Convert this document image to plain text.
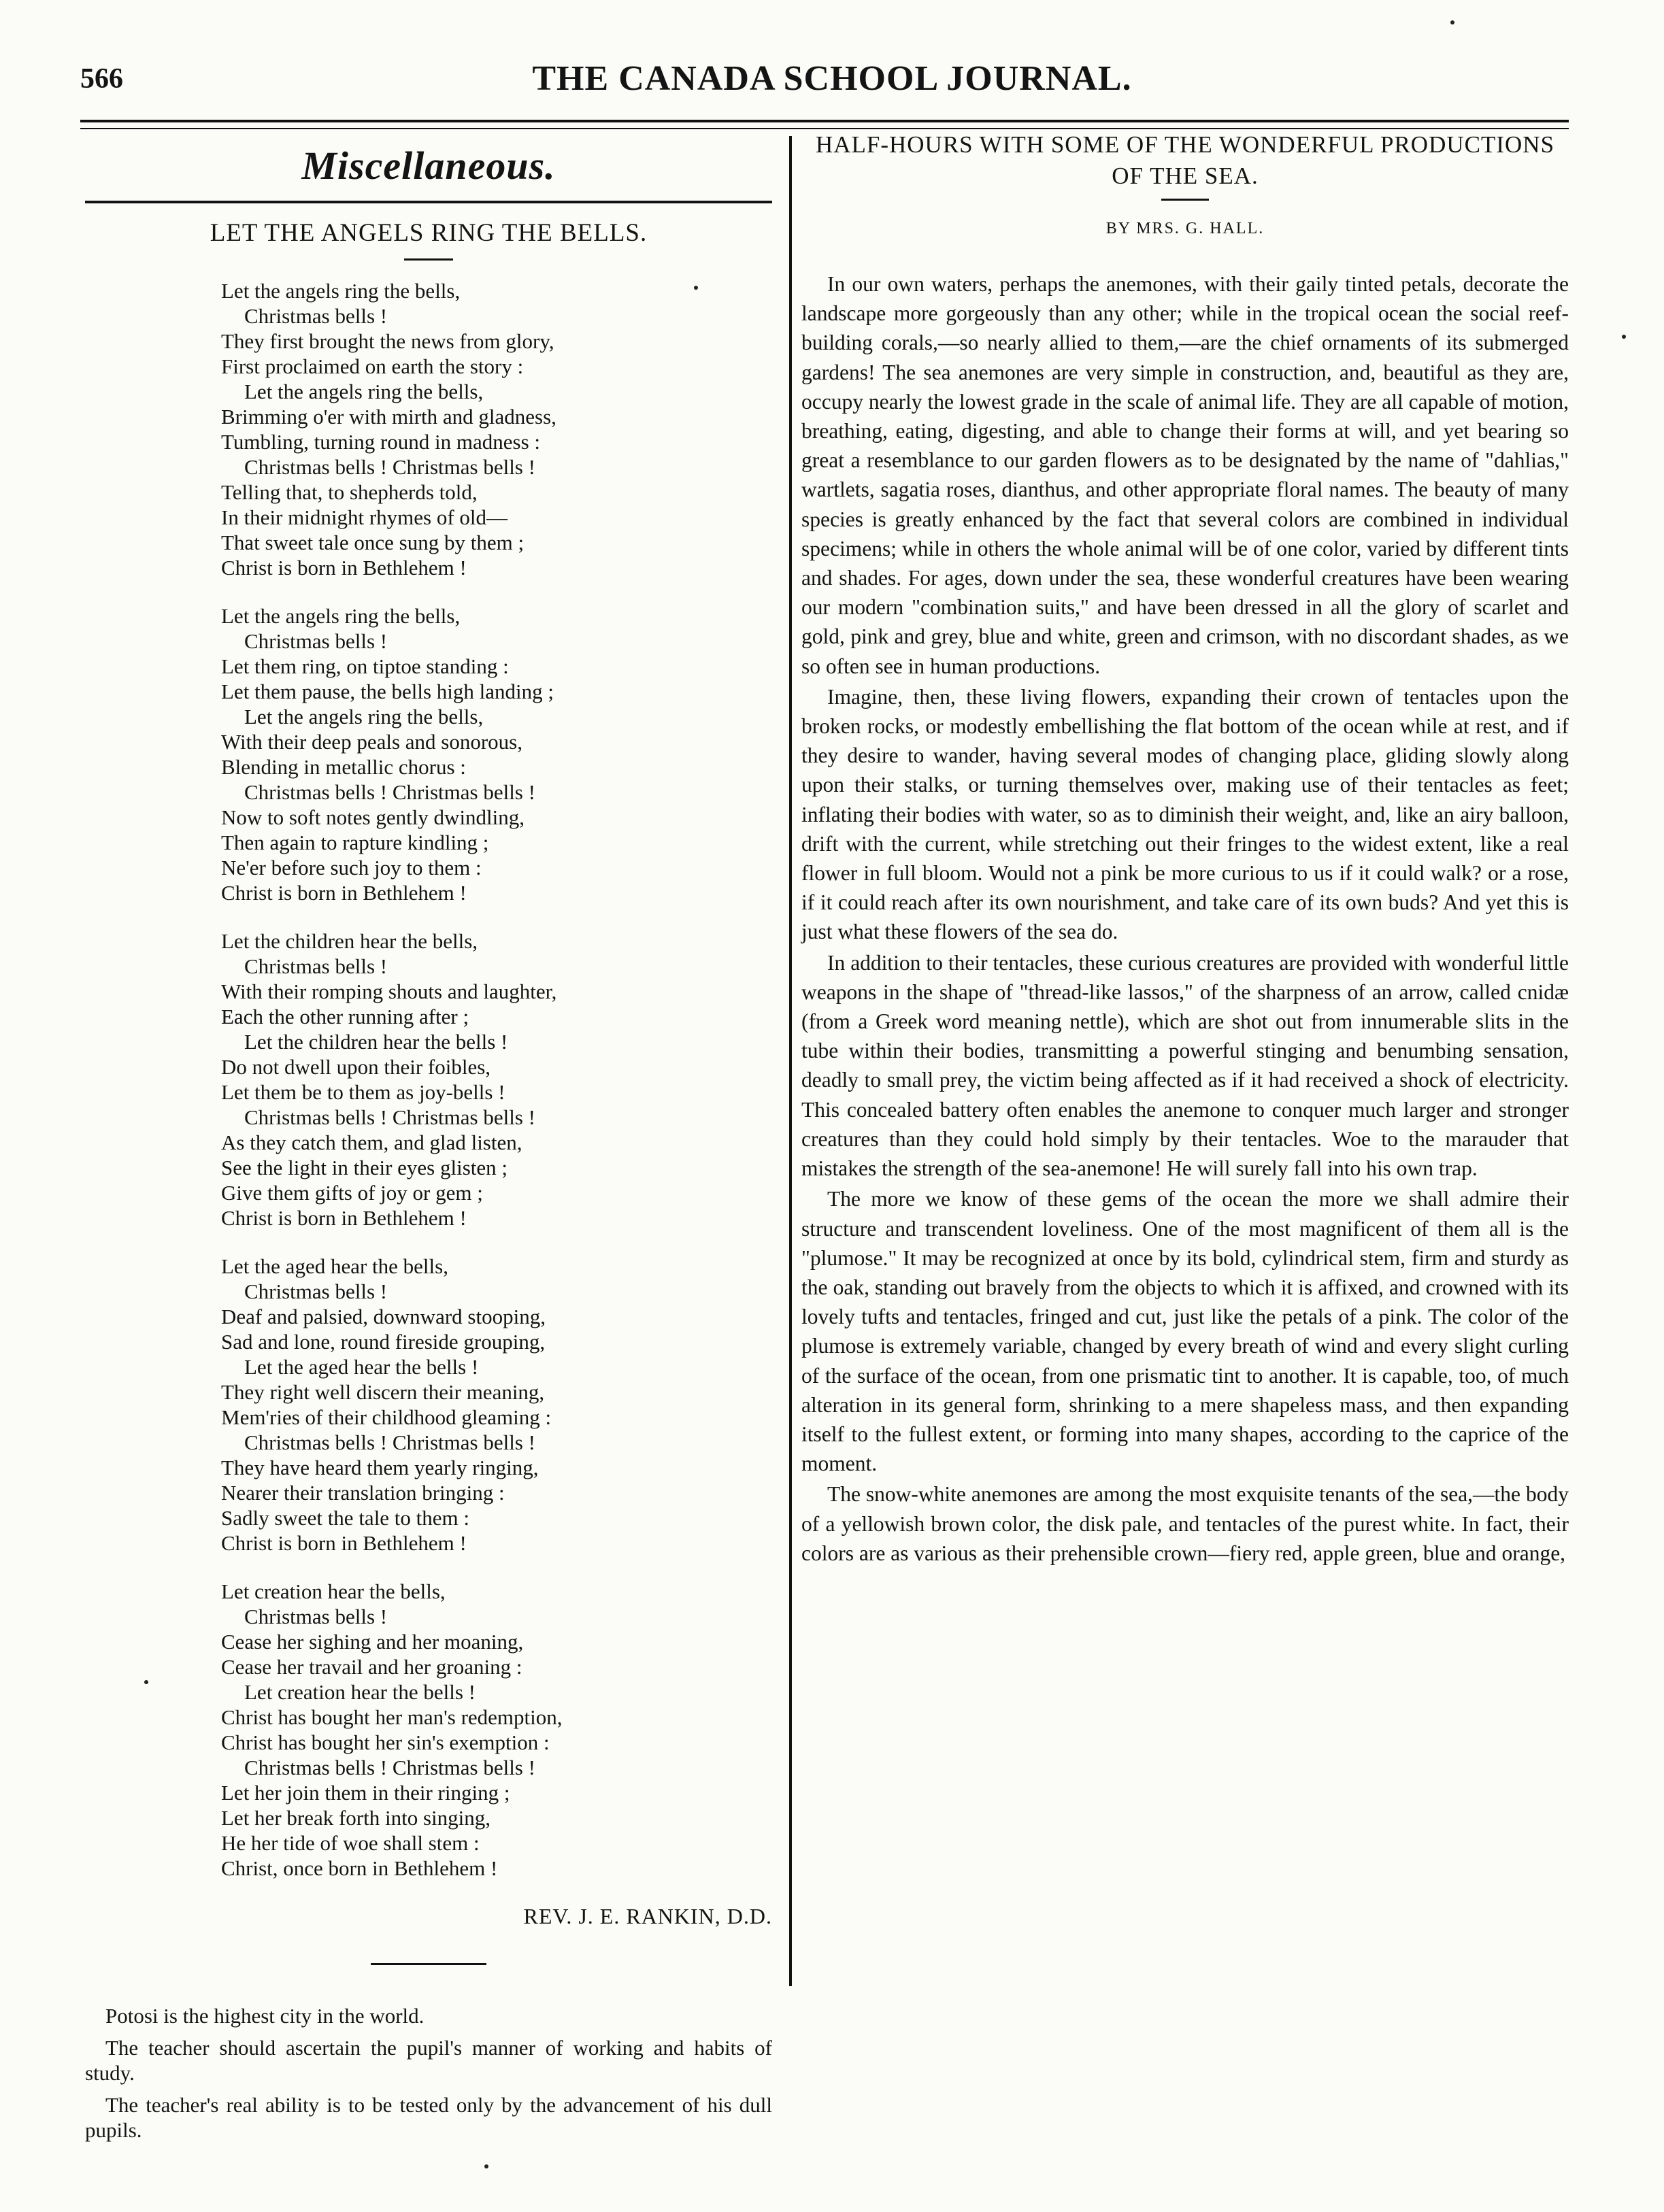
566	THE CANADA SCHOOL JOURNAL.
Miscellaneous.
LET THE ANGELS RING THE BELLS.
Let the angels ring the bells,
Christmas bells !
They first brought the news from glory,
First proclaimed on earth the story :
Let the angels ring the bells,
Brimming o'er with mirth and gladness,
Tumbling, turning round in madness :
Christmas bells ! Christmas bells !
Telling that, to shepherds told,
In their midnight rhymes of old—
That sweet tale once sung by them ;
Christ is born in Bethlehem !
Let the angels ring the bells,
Christmas bells !
Let them ring, on tiptoe standing :
Let them pause, the bells high landing ;
Let the angels ring the bells,
With their deep peals and sonorous,
Blending in metallic chorus :
Christmas bells ! Christmas bells !
Now to soft notes gently dwindling,
Then again to rapture kindling ;
Ne'er before such joy to them :
Christ is born in Bethlehem !
Let the children hear the bells,
Christmas bells !
With their romping shouts and laughter,
Each the other running after ;
Let the children hear the bells !
Do not dwell upon their foibles,
Let them be to them as joy-bells !
Christmas bells ! Christmas bells !
As they catch them, and glad listen,
See the light in their eyes glisten ;
Give them gifts of joy or gem ;
Christ is born in Bethlehem !
Let the aged hear the bells,
Christmas bells !
Deaf and palsied, downward stooping,
Sad and lone, round fireside grouping,
Let the aged hear the bells !
They right well discern their meaning,
Mem'ries of their childhood gleaming :
Christmas bells ! Christmas bells !
They have heard them yearly ringing,
Nearer their translation bringing :
Sadly sweet the tale to them :
Christ is born in Bethlehem !
Let creation hear the bells,
Christmas bells !
Cease her sighing and her moaning,
Cease her travail and her groaning :
Let creation hear the bells !
Christ has bought her man's redemption,
Christ has bought her sin's exemption :
Christmas bells ! Christmas bells !
Let her join them in their ringing ;
Let her break forth into singing,
He her tide of woe shall stem :
Christ, once born in Bethlehem !
REV. J. E. RANKIN, D.D.

Potosi is the highest city in the world.

The teacher should ascertain the pupil's manner of working and habits of study.

The teacher's real ability is to be tested only by the advancement of his dull pupils.

HALF-HOURS WITH SOME OF THE WONDERFUL PRODUCTIONS OF THE SEA.
BY MRS. G. HALL.

In our own waters, perhaps the anemones, with their gaily tinted petals, decorate the landscape more gorgeously than any other; while in the tropical ocean the social reef-building corals,—so nearly allied to them,—are the chief ornaments of its submerged gardens! The sea anemones are very simple in construction, and, beautiful as they are, occupy nearly the lowest grade in the scale of animal life. They are all capable of motion, breathing, eating, digesting, and able to change their forms at will, and yet bearing so great a resemblance to our garden flowers as to be designated by the name of "dahlias," wartlets, sagatia roses, dianthus, and other appropriate floral names. The beauty of many species is greatly enhanced by the fact that several colors are combined in individual specimens; while in others the whole animal will be of one color, varied by different tints and shades. For ages, down under the sea, these wonderful creatures have been wearing our modern "combination suits," and have been dressed in all the glory of scarlet and gold, pink and grey, blue and white, green and crimson, with no discordant shades, as we so often see in human productions.

Imagine, then, these living flowers, expanding their crown of tentacles upon the broken rocks, or modestly embellishing the flat bottom of the ocean while at rest, and if they desire to wander, having several modes of changing place, gliding slowly along upon their stalks, or turning themselves over, making use of their tentacles as feet; inflating their bodies with water, so as to diminish their weight, and, like an airy balloon, drift with the current, while stretching out their fringes to the widest extent, like a real flower in full bloom. Would not a pink be more curious to us if it could walk? or a rose, if it could reach after its own nourishment, and take care of its own buds? And yet this is just what these flowers of the sea do.

In addition to their tentacles, these curious creatures are provided with wonderful little weapons in the shape of "thread-like lassos," of the sharpness of an arrow, called cnidæ (from a Greek word meaning nettle), which are shot out from innumerable slits in the tube within their bodies, transmitting a powerful stinging and benumbing sensation, deadly to small prey, the victim being affected as if it had received a shock of electricity. This concealed battery often enables the anemone to conquer much larger and stronger creatures than they could hold simply by their tentacles. Woe to the marauder that mistakes the strength of the sea-anemone! He will surely fall into his own trap.

The more we know of these gems of the ocean the more we shall admire their structure and transcendent loveliness. One of the most magnificent of them all is the "plumose." It may be recognized at once by its bold, cylindrical stem, firm and sturdy as the oak, standing out bravely from the objects to which it is affixed, and crowned with its lovely tufts and tentacles, fringed and cut, just like the petals of a pink. The color of the plumose is extremely variable, changed by every breath of wind and every slight curling of the surface of the ocean, from one prismatic tint to another. It is capable, too, of much alteration in its general form, shrinking to a mere shapeless mass, and then expanding itself to the fullest extent, or forming into many shapes, according to the caprice of the moment.

The snow-white anemones are among the most exquisite tenants of the sea,—the body of a yellowish brown color, the disk pale, and tentacles of the purest white. In fact, their colors are as various as their prehensible crown—fiery red, apple green, blue and orange,
